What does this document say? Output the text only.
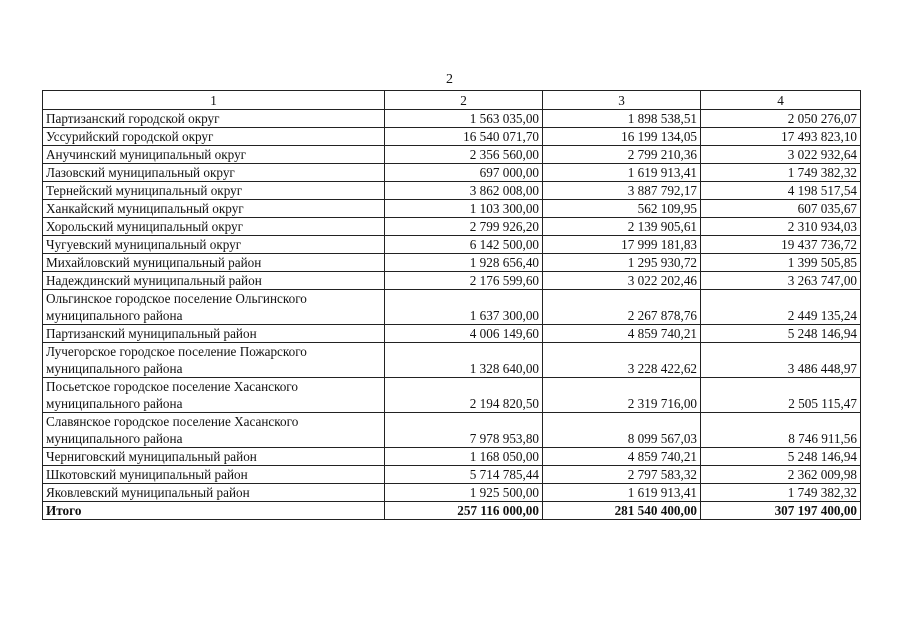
2
1	2	3	4
Партизанский городской округ	1 563 035,00	1 898 538,51	2 050 276,07
Уссурийский городской округ	16 540 071,70	16 199 134,05	17 493 823,10
Анучинский муниципальный округ	2 356 560,00	2 799 210,36	3 022 932,64
Лазовский муниципальный округ	697 000,00	1 619 913,41	1 749 382,32
Тернейский муниципальный округ	3 862 008,00	3 887 792,17	4 198 517,54
Ханкайский муниципальный округ	1 103 300,00	562 109,95	607 035,67
Хорольский муниципальный округ	2 799 926,20	2 139 905,61	2 310 934,03
Чугуевский муниципальный округ	6 142 500,00	17 999 181,83	19 437 736,72
Михайловский муниципальный район	1 928 656,40	1 295 930,72	1 399 505,85
Надеждинский муниципальный район	2 176 599,60	3 022 202,46	3 263 747,00
Ольгинское городское поселение Ольгинского муниципального района	1 637 300,00	2 267 878,76	2 449 135,24
Партизанский муниципальный район	4 006 149,60	4 859 740,21	5 248 146,94
Лучегорское городское поселение Пожарского муниципального района	1 328 640,00	3 228 422,62	3 486 448,97
Посьетское городское поселение Хасанского муниципального района	2 194 820,50	2 319 716,00	2 505 115,47
Славянское городское поселение Хасанского муниципального района	7 978 953,80	8 099 567,03	8 746 911,56
Черниговский муниципальный район	1 168 050,00	4 859 740,21	5 248 146,94
Шкотовский муниципальный район	5 714 785,44	2 797 583,32	2 362 009,98
Яковлевский муниципальный район	1 925 500,00	1 619 913,41	1 749 382,32
Итого	257 116 000,00	281 540 400,00	307 197 400,00
